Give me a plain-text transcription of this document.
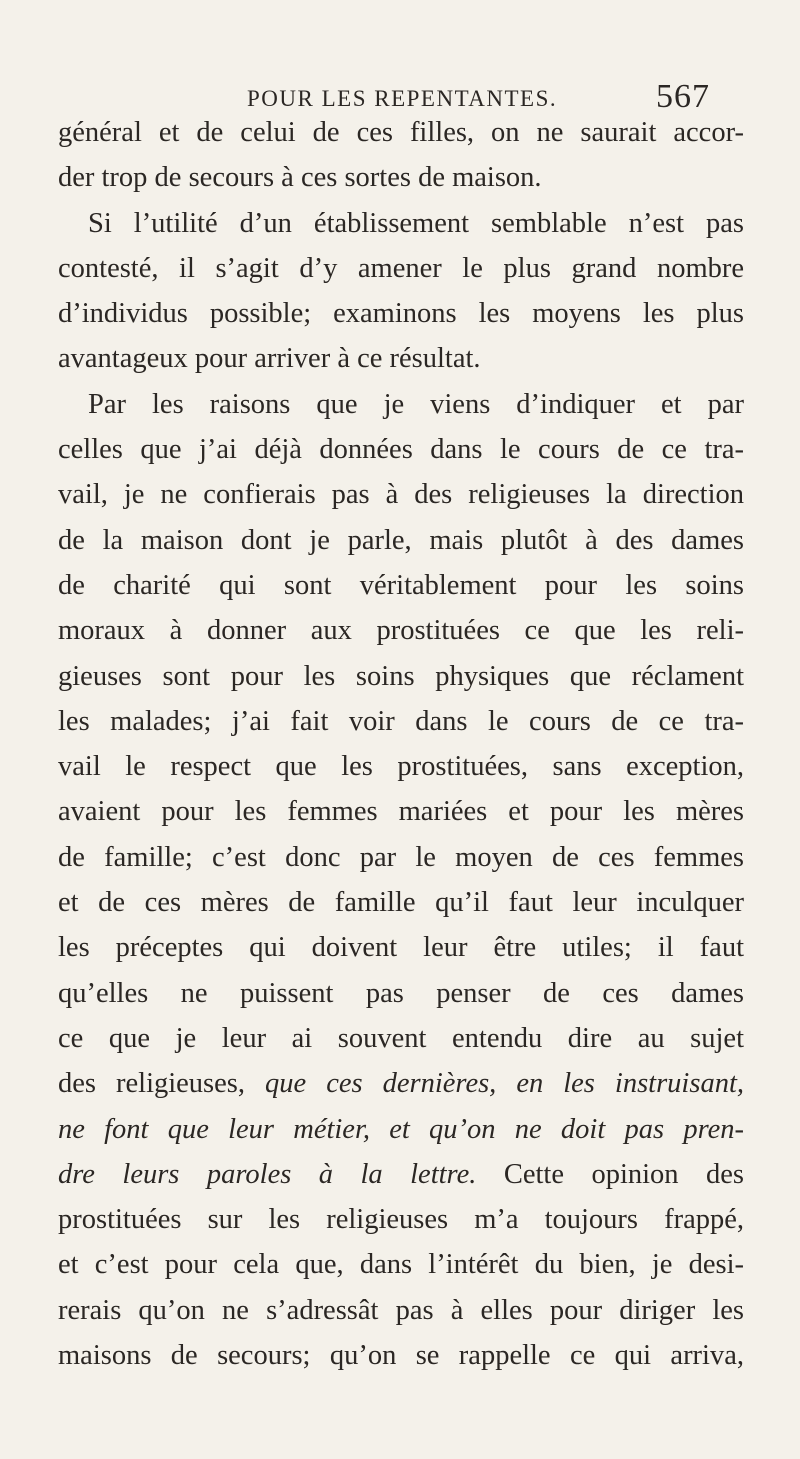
POUR LES REPENTANTES.	567
général et de celui de ces filles, on ne saurait accor-
der trop de secours à ces sortes de maison.
Si l’utilité d’un établissement semblable n’est pas
contesté, il s’agit d’y amener le plus grand nombre
d’individus possible; examinons les moyens les plus
avantageux pour arriver à ce résultat.
Par les raisons que je viens d’indiquer et par
celles que j’ai déjà données dans le cours de ce tra-
vail, je ne confierais pas à des religieuses la direction
de la maison dont je parle, mais plutôt à des dames
de charité qui sont véritablement pour les soins
moraux à donner aux prostituées ce que les reli-
gieuses sont pour les soins physiques que réclament
les malades; j’ai fait voir dans le cours de ce tra-
vail le respect que les prostituées, sans exception,
avaient pour les femmes mariées et pour les mères
de famille; c’est donc par le moyen de ces femmes
et de ces mères de famille qu’il faut leur inculquer
les préceptes qui doivent leur être utiles; il faut
qu’elles ne puissent pas penser de ces dames
ce que je leur ai souvent entendu dire au sujet
des religieuses, que ces dernières, en les instruisant,
ne font que leur métier, et qu’on ne doit pas pren-
dre leurs paroles à la lettre. Cette opinion des
prostituées sur les religieuses m’a toujours frappé,
et c’est pour cela que, dans l’intérêt du bien, je desi-
rerais qu’on ne s’adressât pas à elles pour diriger les
maisons de secours; qu’on se rappelle ce qui arriva,
